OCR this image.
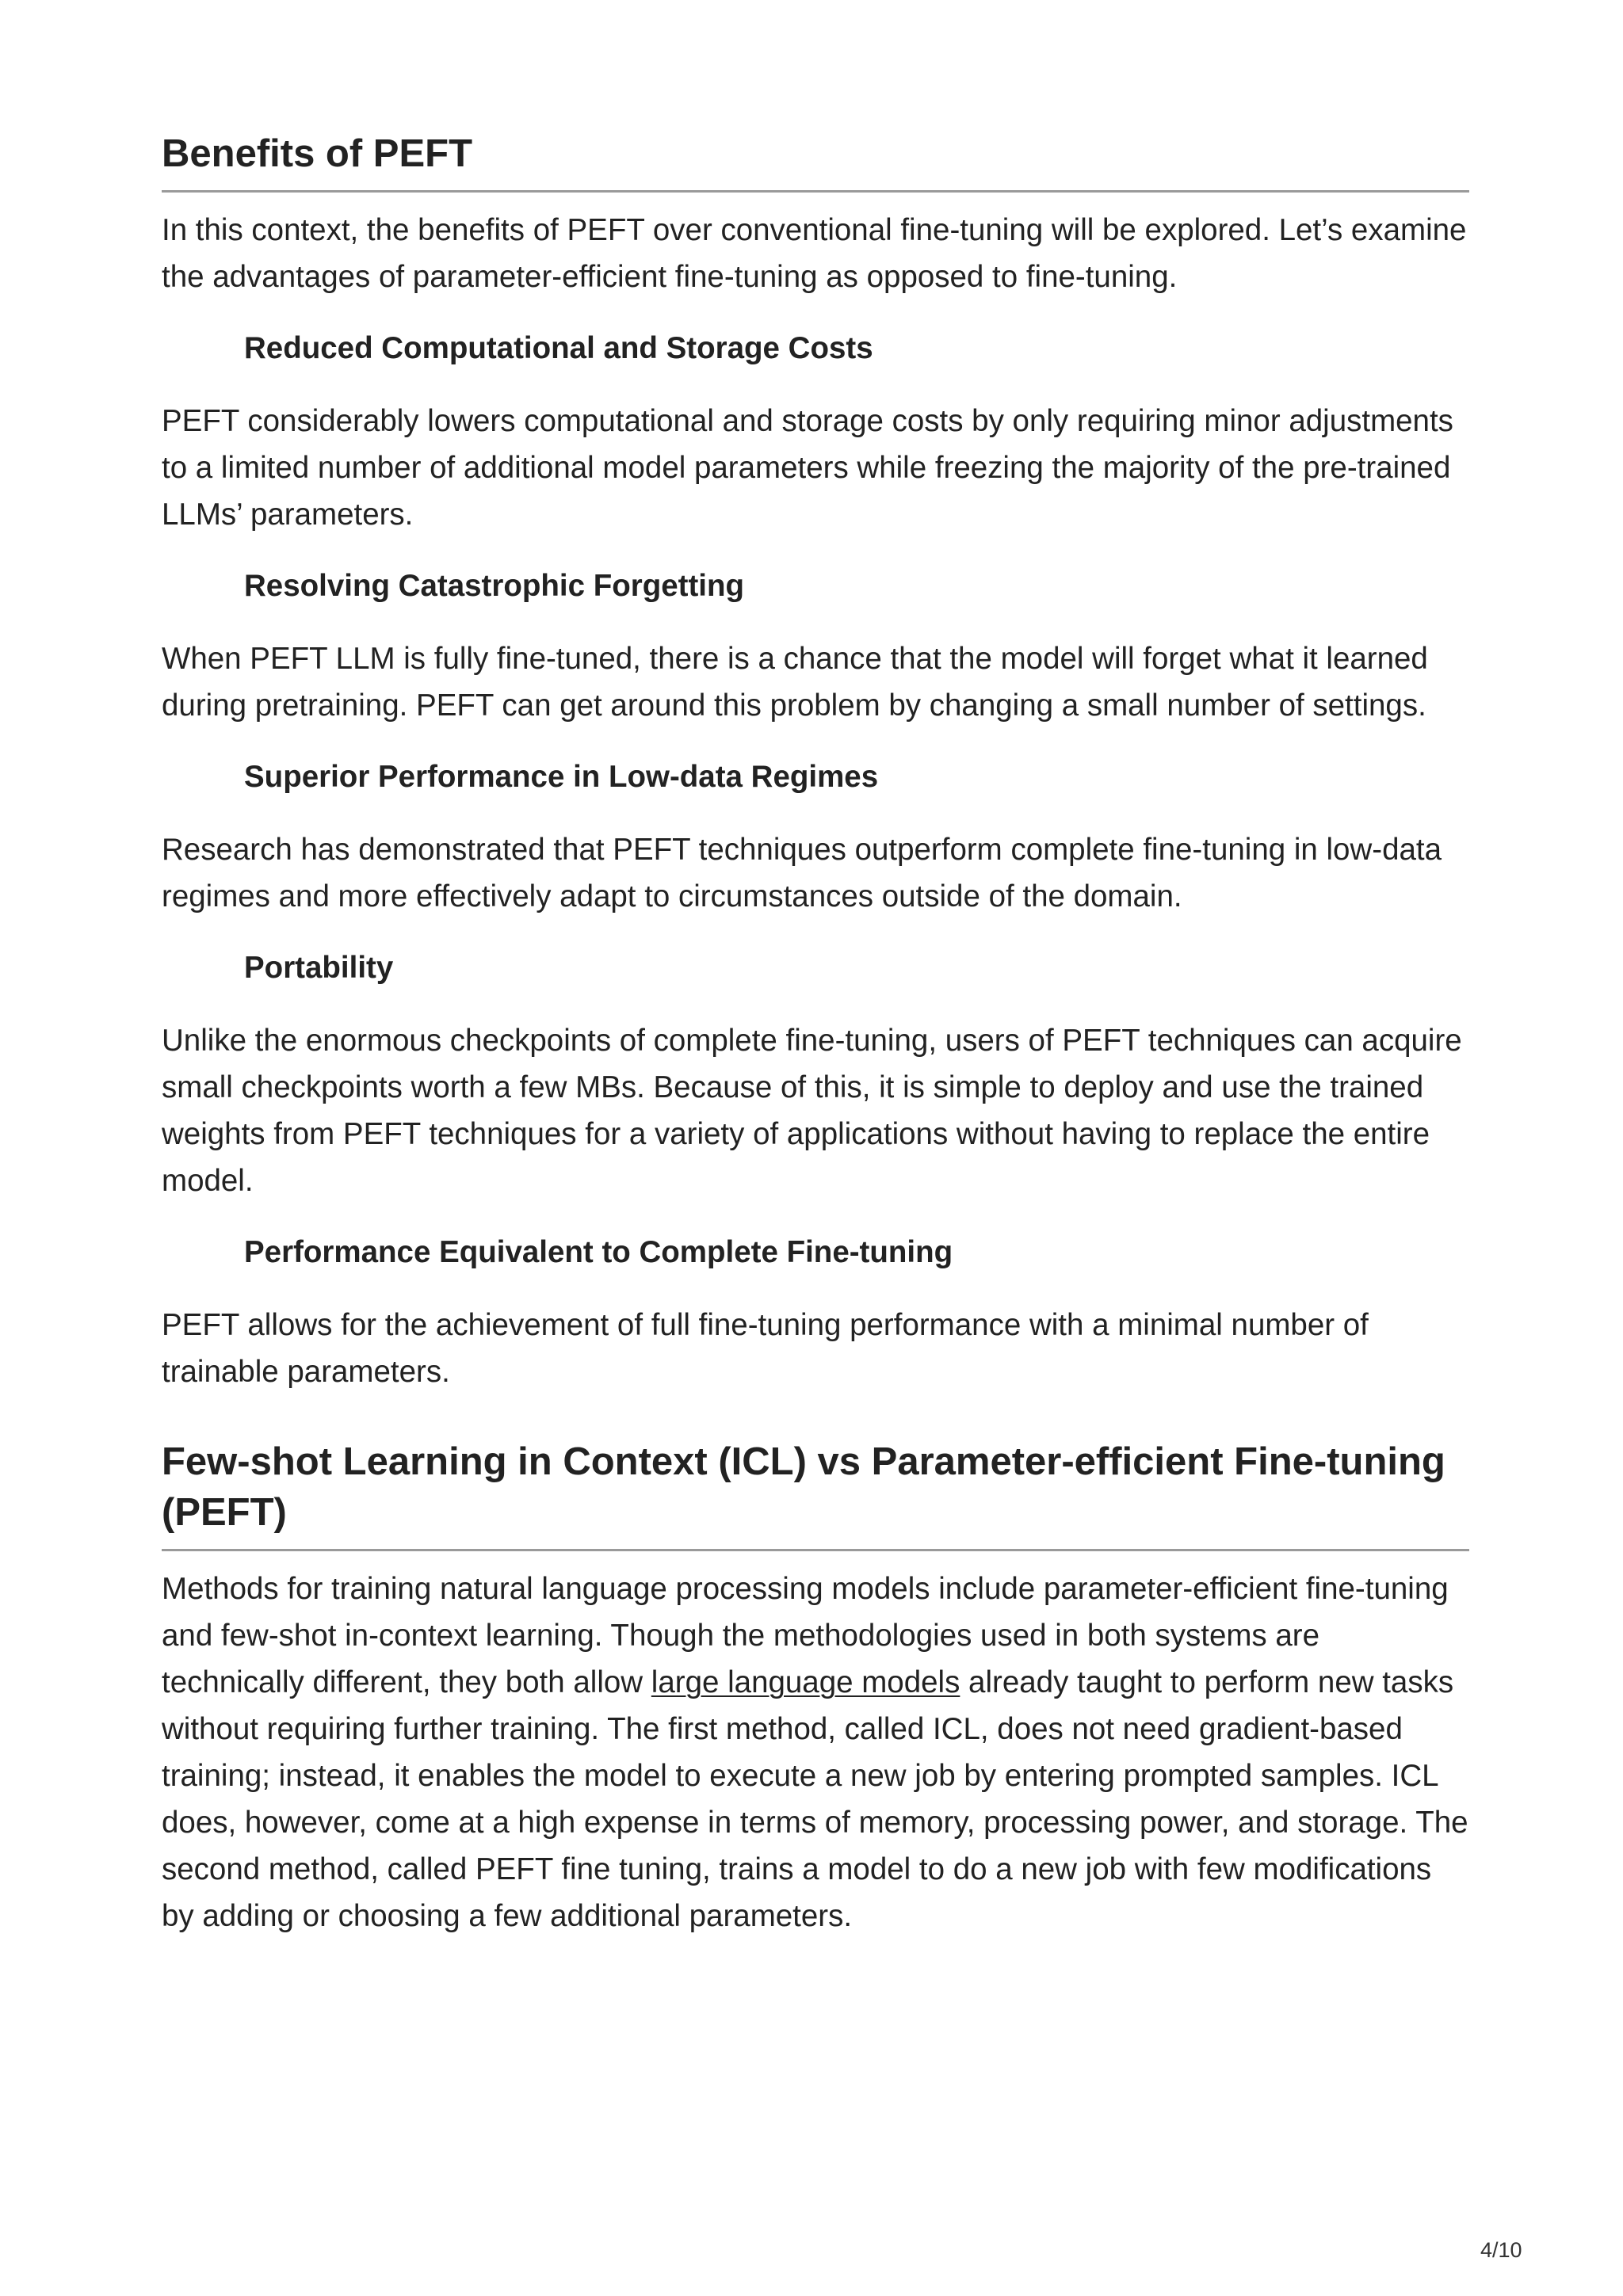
Benefits of PEFT

In this context, the benefits of PEFT over conventional fine-tuning will be explored. Let’s examine the advantages of parameter-efficient fine-tuning as opposed to fine-tuning.

Reduced Computational and Storage Costs

PEFT considerably lowers computational and storage costs by only requiring minor adjustments to a limited number of additional model parameters while freezing the majority of the pre-trained LLMs’ parameters.

Resolving Catastrophic Forgetting

When PEFT LLM is fully fine-tuned, there is a chance that the model will forget what it learned during pretraining. PEFT can get around this problem by changing a small number of settings.

Superior Performance in Low-data Regimes

Research has demonstrated that PEFT techniques outperform complete fine-tuning in low-data regimes and more effectively adapt to circumstances outside of the domain.

Portability

Unlike the enormous checkpoints of complete fine-tuning, users of PEFT techniques can acquire small checkpoints worth a few MBs. Because of this, it is simple to deploy and use the trained weights from PEFT techniques for a variety of applications without having to replace the entire model.

Performance Equivalent to Complete Fine-tuning

PEFT allows for the achievement of full fine-tuning performance with a minimal number of trainable parameters.

Few-shot Learning in Context (ICL) vs Parameter-efficient Fine-tuning (PEFT)

Methods for training natural language processing models include parameter-efficient fine-tuning and few-shot in-context learning. Though the methodologies used in both systems are technically different, they both allow large language models already taught to perform new tasks without requiring further training. The first method, called ICL, does not need gradient-based training; instead, it enables the model to execute a new job by entering prompted samples. ICL does, however, come at a high expense in terms of memory, processing power, and storage. The second method, called PEFT fine tuning, trains a model to do a new job with few modifications by adding or choosing a few additional parameters.

4/10
